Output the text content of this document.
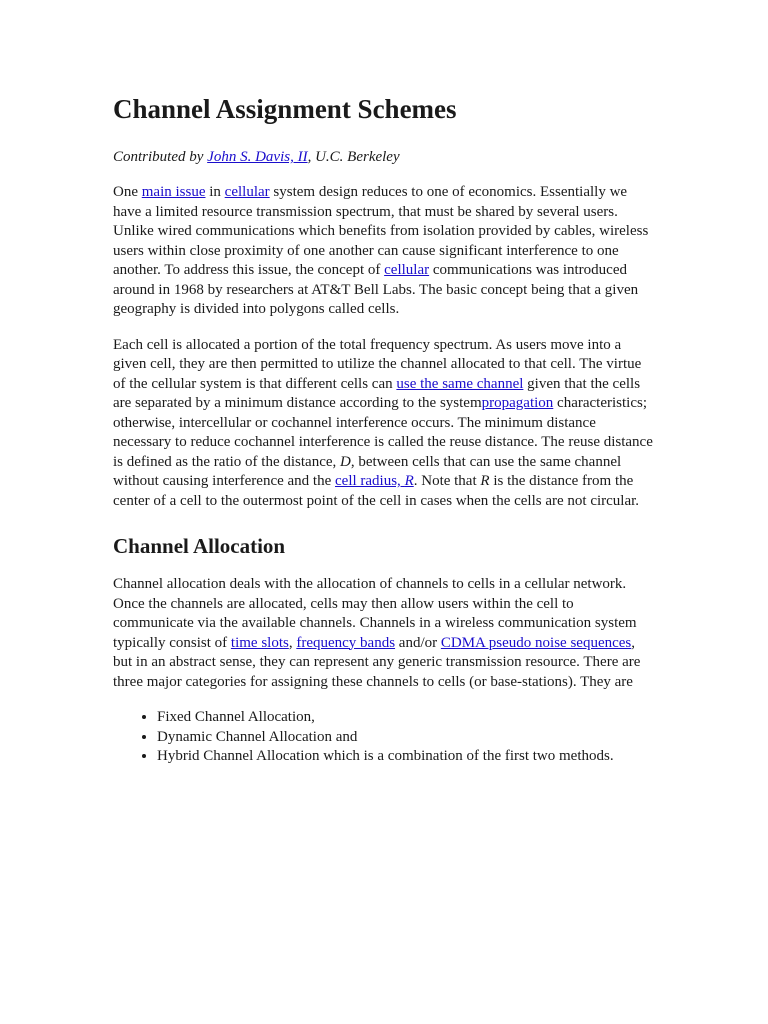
Channel Assignment Schemes
Contributed by John S. Davis, II, U.C. Berkeley

One main issue in cellular system design reduces to one of economics. Essentially we have a limited resource transmission spectrum, that must be shared by several users. Unlike wired communications which benefits from isolation provided by cables, wireless users within close proximity of one another can cause significant interference to one another. To address this issue, the concept of cellular communications was introduced around in 1968 by researchers at AT&T Bell Labs. The basic concept being that a given geography is divided into polygons called cells.

Each cell is allocated a portion of the total frequency spectrum. As users move into a given cell, they are then permitted to utilize the channel allocated to that cell. The virtue of the cellular system is that different cells can use the same channel given that the cells are separated by a minimum distance according to the systempropagation characteristics; otherwise, intercellular or cochannel interference occurs. The minimum distance necessary to reduce cochannel interference is called the reuse distance. The reuse distance is defined as the ratio of the distance, D, between cells that can use the same channel without causing interference and the cell radius, R. Note that R is the distance from the center of a cell to the outermost point of the cell in cases when the cells are not circular.

Channel Allocation

Channel allocation deals with the allocation of channels to cells in a cellular network. Once the channels are allocated, cells may then allow users within the cell to communicate via the available channels. Channels in a wireless communication system typically consist of time slots, frequency bands and/or CDMA pseudo noise sequences, but in an abstract sense, they can represent any generic transmission resource. There are three major categories for assigning these channels to cells (or base-stations). They are

• Fixed Channel Allocation,
• Dynamic Channel Allocation and
• Hybrid Channel Allocation which is a combination of the first two methods.
